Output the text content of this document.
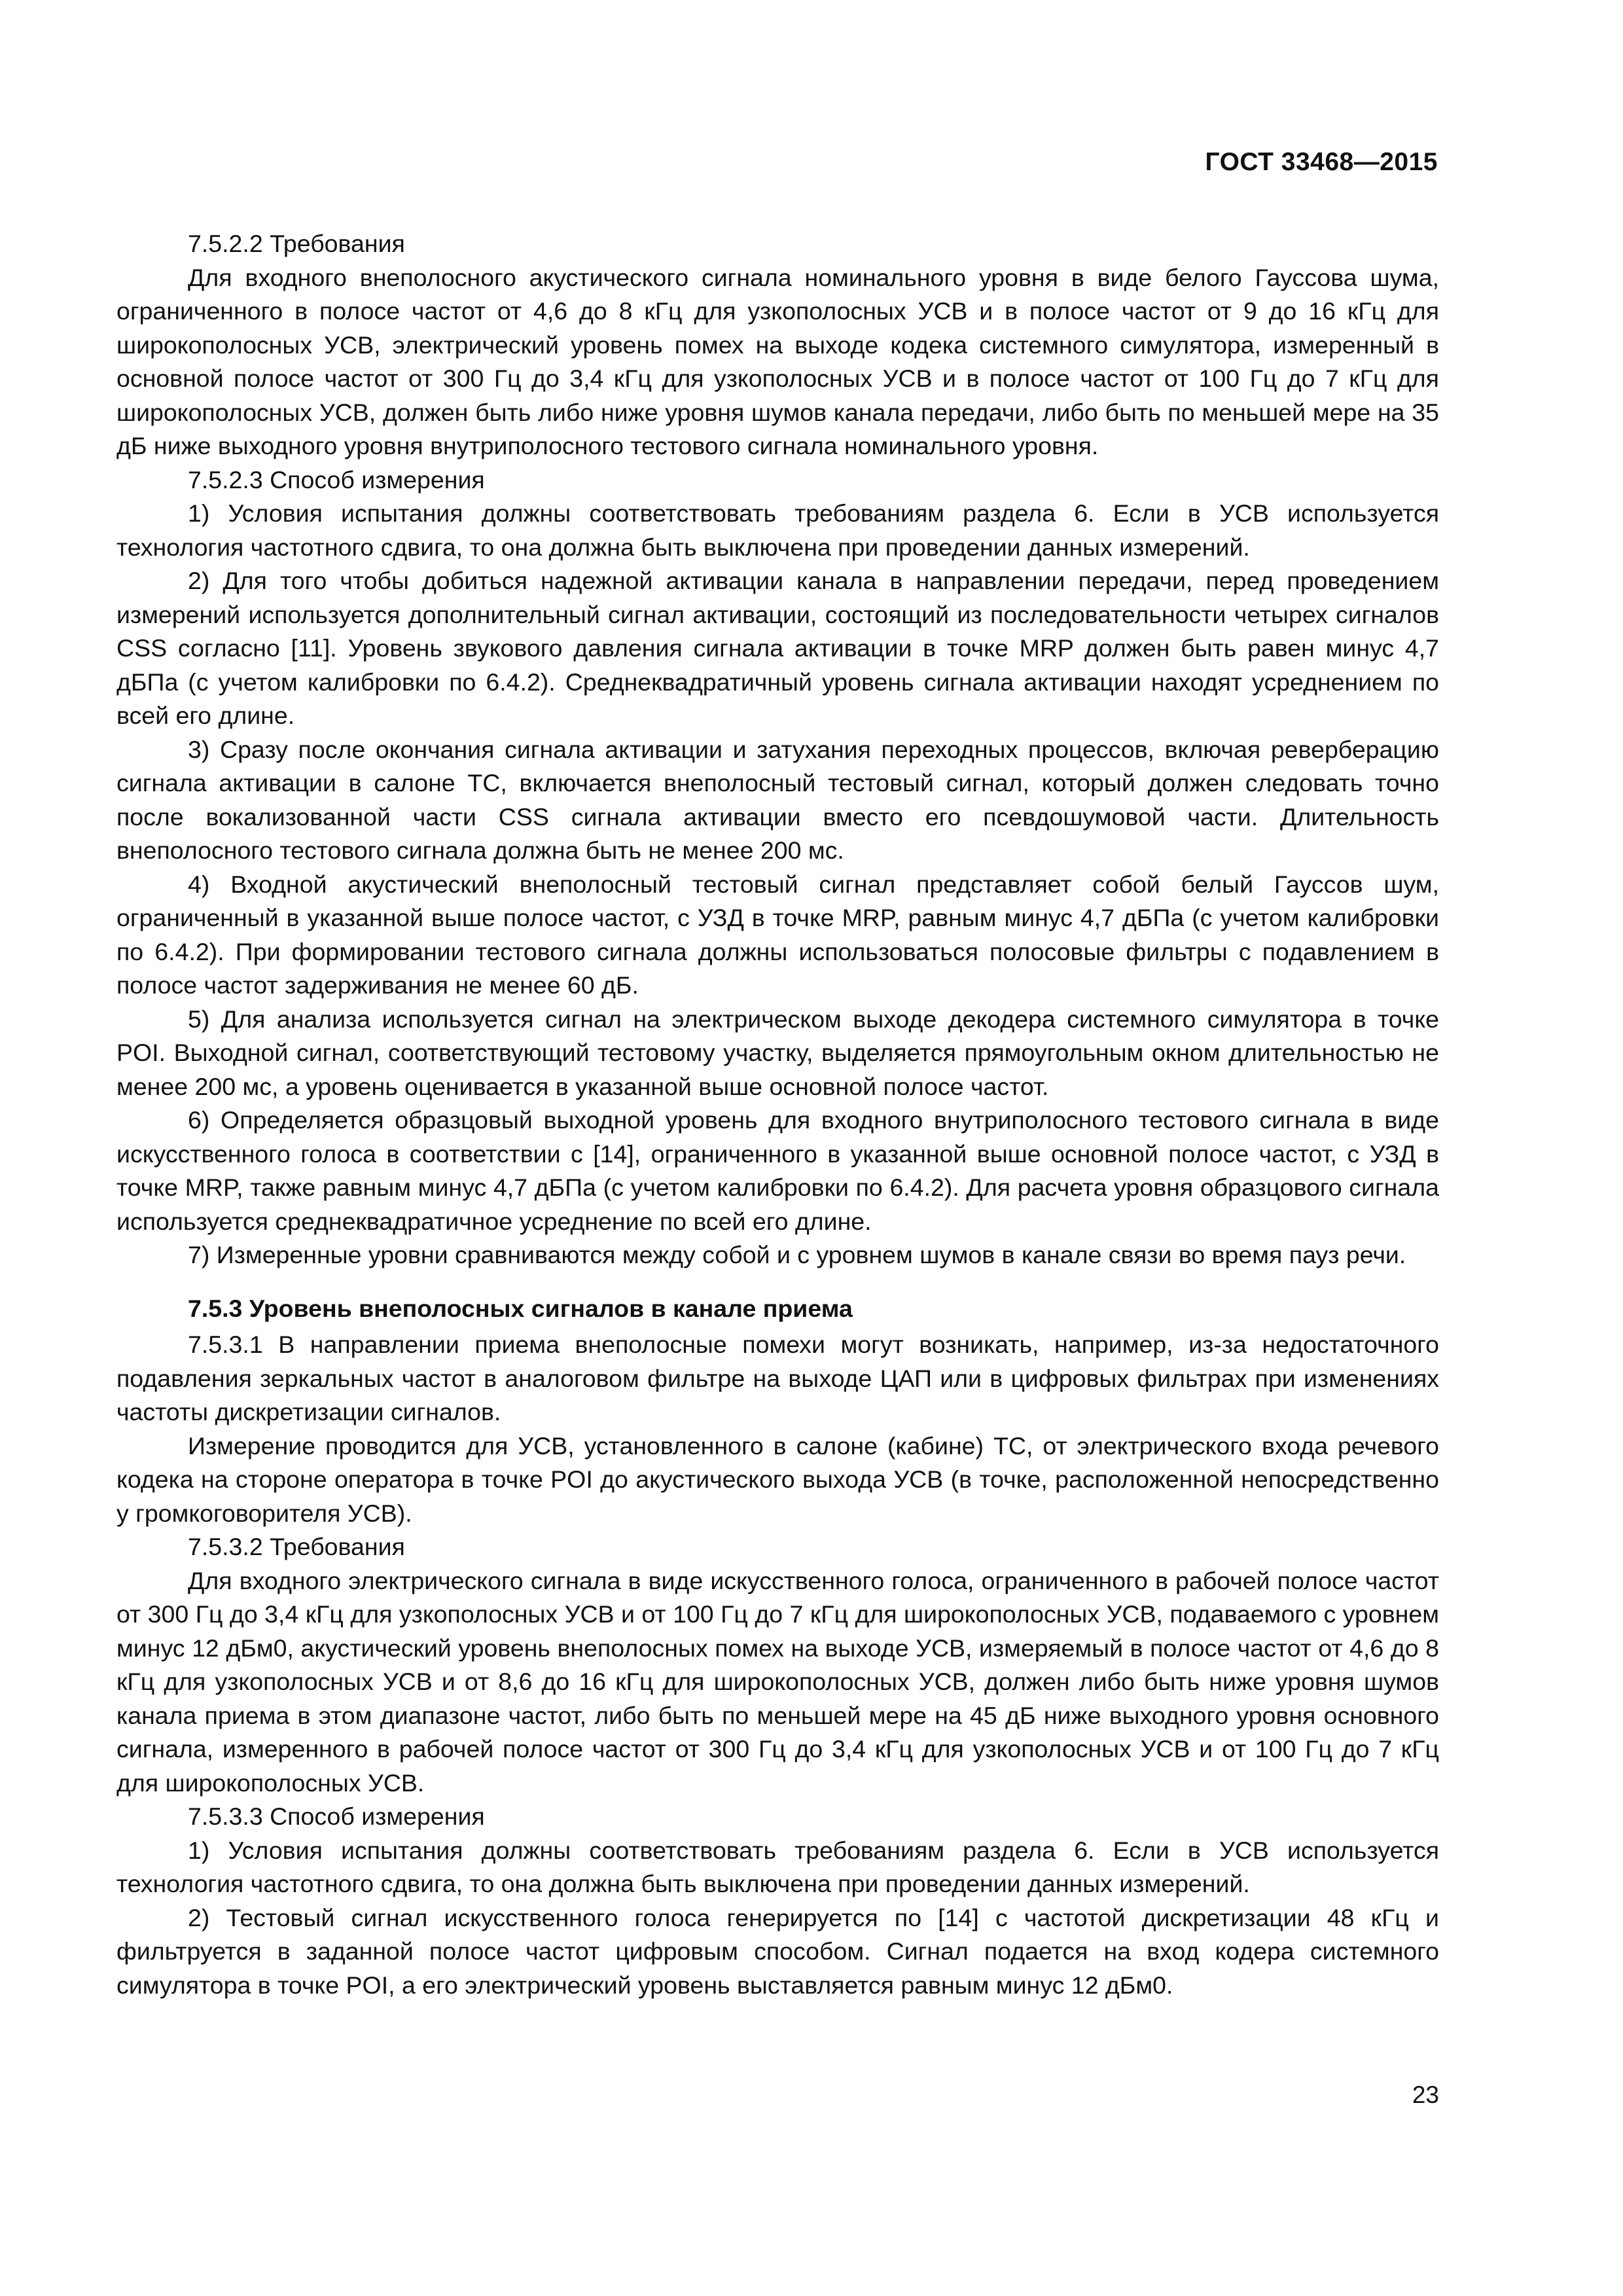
ГОСТ 33468—2015

7.5.2.2 Требования

Для входного внеполосного акустического сигнала номинального уровня в виде белого Гауссова шума, ограниченного в полосе частот от 4,6 до 8 кГц для узкополосных УСВ и в полосе частот от 9 до 16 кГц для широкополосных УСВ, электрический уровень помех на выходе кодека системного симулятора, измеренный в основной полосе частот от 300 Гц до 3,4 кГц для узкополосных УСВ и в полосе частот от 100 Гц до 7 кГц для широкополосных УСВ, должен быть либо ниже уровня шумов канала передачи, либо быть по меньшей мере на 35 дБ ниже выходного уровня внутриполосного тестового сигнала номинального уровня.

7.5.2.3 Способ измерения

1) Условия испытания должны соответствовать требованиям раздела 6. Если в УСВ используется технология частотного сдвига, то она должна быть выключена при проведении данных измерений.

2) Для того чтобы добиться надежной активации канала в направлении передачи, перед проведением измерений используется дополнительный сигнал активации, состоящий из последовательности четырех сигналов CSS согласно [11]. Уровень звукового давления сигнала активации в точке MRP должен быть равен минус 4,7 дБПа (с учетом калибровки по 6.4.2). Среднеквадратичный уровень сигнала активации находят усреднением по всей его длине.

3) Сразу после окончания сигнала активации и затухания переходных процессов, включая реверберацию сигнала активации в салоне ТС, включается внеполосный тестовый сигнал, который должен следовать точно после вокализованной части CSS сигнала активации вместо его псевдошумовой части. Длительность внеполосного тестового сигнала должна быть не менее 200 мс.

4) Входной акустический внеполосный тестовый сигнал представляет собой белый Гауссов шум, ограниченный в указанной выше полосе частот, с УЗД в точке MRP, равным минус 4,7 дБПа (с учетом калибровки по 6.4.2). При формировании тестового сигнала должны использоваться полосовые фильтры с подавлением в полосе частот задерживания не менее 60 дБ.

5) Для анализа используется сигнал на электрическом выходе декодера системного симулятора в точке POI. Выходной сигнал, соответствующий тестовому участку, выделяется прямоугольным окном длительностью не менее 200 мс, а уровень оценивается в указанной выше основной полосе частот.

6) Определяется образцовый выходной уровень для входного внутриполосного тестового сигнала в виде искусственного голоса в соответствии с [14], ограниченного в указанной выше основной полосе частот, с УЗД в точке MRP, также равным минус 4,7 дБПа (с учетом калибровки по 6.4.2). Для расчета уровня образцового сигнала используется среднеквадратичное усреднение по всей его длине.

7) Измеренные уровни сравниваются между собой и с уровнем шумов в канале связи во время пауз речи.

7.5.3 Уровень внеполосных сигналов в канале приема

7.5.3.1 В направлении приема внеполосные помехи могут возникать, например, из-за недостаточного подавления зеркальных частот в аналоговом фильтре на выходе ЦАП или в цифровых фильтрах при изменениях частоты дискретизации сигналов.

Измерение проводится для УСВ, установленного в салоне (кабине) ТС, от электрического входа речевого кодека на стороне оператора в точке POI до акустического выхода УСВ (в точке, расположенной непосредственно у громкоговорителя УСВ).

7.5.3.2 Требования

Для входного электрического сигнала в виде искусственного голоса, ограниченного в рабочей полосе частот от 300 Гц до 3,4 кГц для узкополосных УСВ и от 100 Гц до 7 кГц для широкополосных УСВ, подаваемого с уровнем минус 12 дБм0, акустический уровень внеполосных помех на выходе УСВ, измеряемый в полосе частот от 4,6 до 8 кГц для узкополосных УСВ и от 8,6 до 16 кГц для широкополосных УСВ, должен либо быть ниже уровня шумов канала приема в этом диапазоне частот, либо быть по меньшей мере на 45 дБ ниже выходного уровня основного сигнала, измеренного в рабочей полосе частот от 300 Гц до 3,4 кГц для узкополосных УСВ и от 100 Гц до 7 кГц для широкополосных УСВ.

7.5.3.3 Способ измерения

1) Условия испытания должны соответствовать требованиям раздела 6. Если в УСВ используется технология частотного сдвига, то она должна быть выключена при проведении данных измерений.

2) Тестовый сигнал искусственного голоса генерируется по [14] с частотой дискретизации 48 кГц и фильтруется в заданной полосе частот цифровым способом. Сигнал подается на вход кодера системного симулятора в точке POI, а его электрический уровень выставляется равным минус 12 дБм0.

23
